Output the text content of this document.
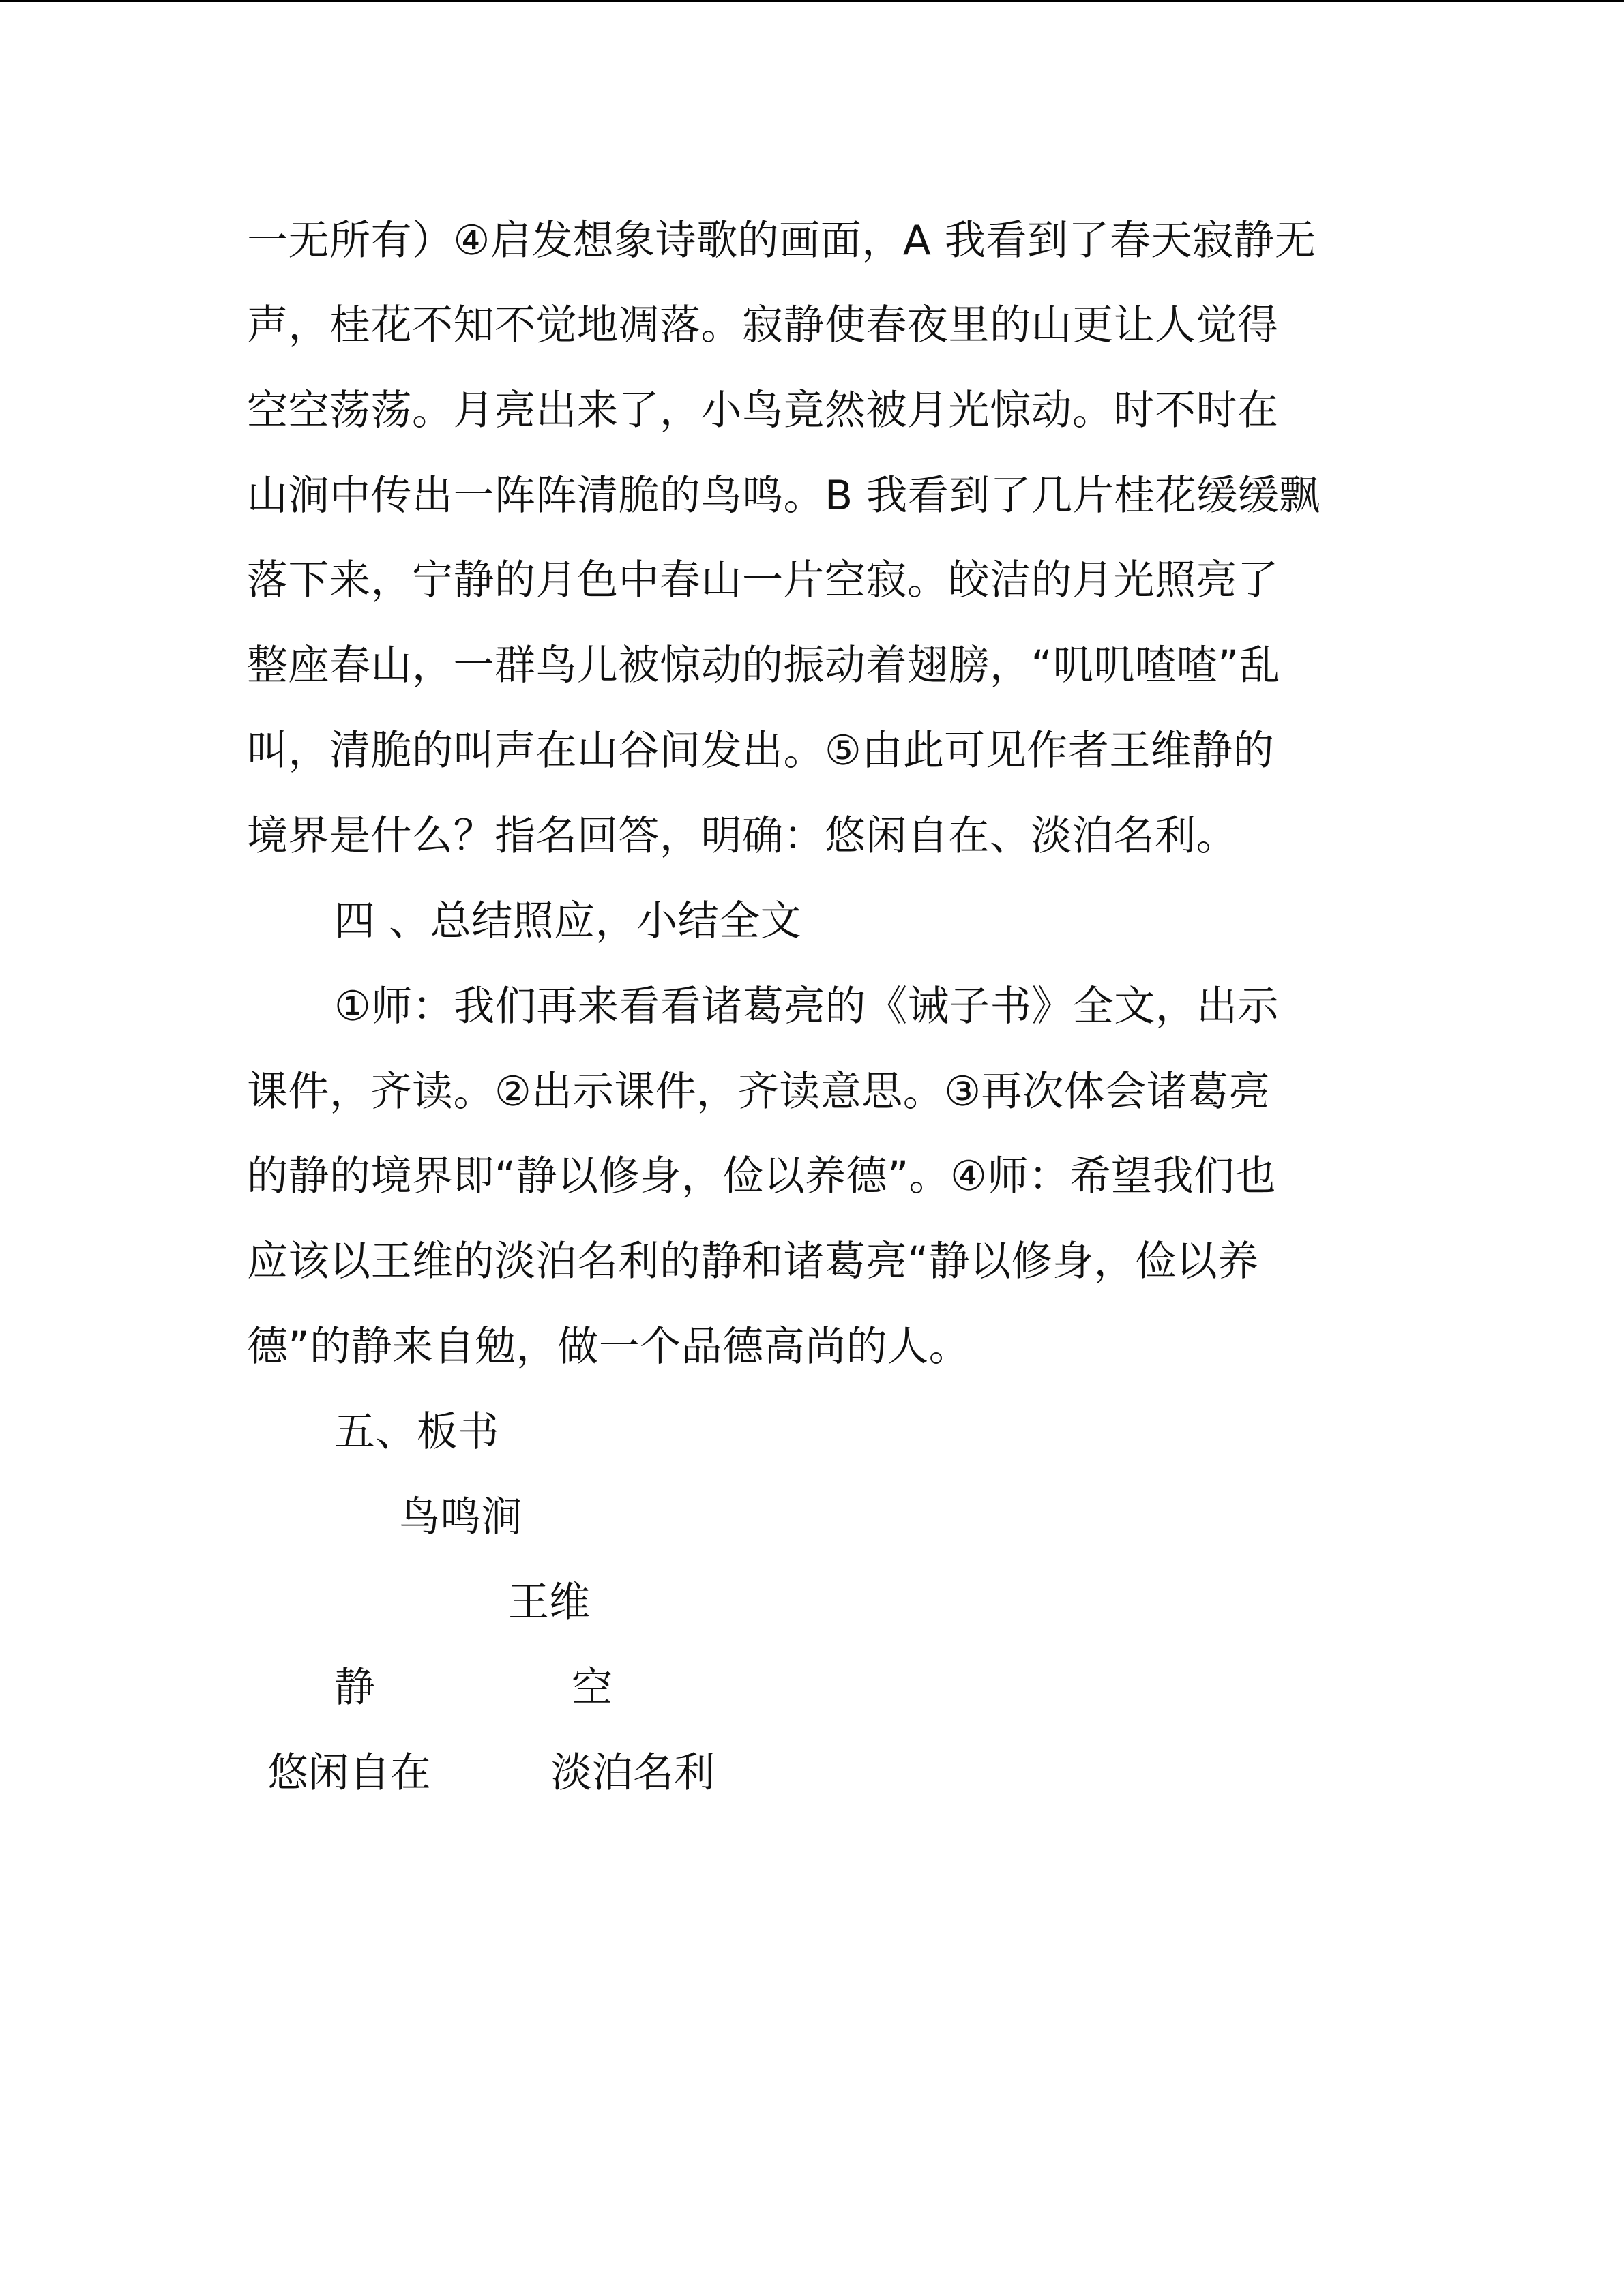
一无所有）④启发想象诗歌的画面，A 我看到了春天寂静无
声，桂花不知不觉地凋落。寂静使春夜里的山更让人觉得
空空荡荡。月亮出来了，小鸟竟然被月光惊动。时不时在
山涧中传出一阵阵清脆的鸟鸣。B 我看到了几片桂花缓缓飘
落下来，宁静的月色中春山一片空寂。皎洁的月光照亮了
整座春山，一群鸟儿被惊动的振动着翅膀，“叽叽喳喳”乱
叫，清脆的叫声在山谷间发出。⑤由此可见作者王维静的
境界是什么？指名回答，明确：悠闲自在、淡泊名利。
四 、总结照应，小结全文
①师：我们再来看看诸葛亮的《诫子书》全文，出示
课件，齐读。②出示课件，齐读意思。③再次体会诸葛亮
的静的境界即“静以修身，俭以养德”。④师：希望我们也
应该以王维的淡泊名利的静和诸葛亮“静以修身，俭以养
德”的静来自勉，做一个品德高尚的人。
五、板书
鸟鸣涧
王维
静	空
悠闲自在	淡泊名利
